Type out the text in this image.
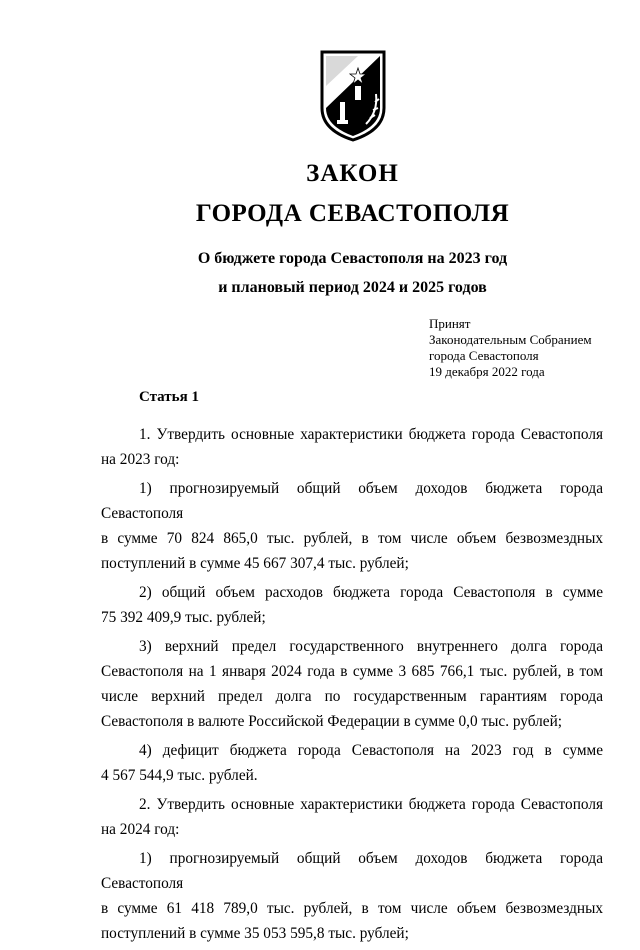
ЗАКОН
ГОРОДА СЕВАСТОПОЛЯ
О бюджете города Севастополя на 2023 год
и плановый период 2024 и 2025 годов
Принят
Законодательным Собранием
города Севастополя
19 декабря 2022 года
Статья 1

1. Утвердить основные характеристики бюджета города Севастополя
на 2023 год:

1) прогнозируемый общий объем доходов бюджета города Севастополя
в сумме 70 824 865,0 тыс. рублей, в том числе объем безвозмездных
поступлений в сумме 45 667 307,4 тыс. рублей;

2) общий объем расходов бюджета города Севастополя в сумме
75 392 409,9 тыс. рублей;

3) верхний предел государственного внутреннего долга города
Севастополя на 1 января 2024 года в сумме 3 685 766,1 тыс. рублей, в том
числе верхний предел долга по государственным гарантиям города
Севастополя в валюте Российской Федерации в сумме 0,0 тыс. рублей;

4) дефицит бюджета города Севастополя на 2023 год в сумме
4 567 544,9 тыс. рублей.

2. Утвердить основные характеристики бюджета города Севастополя
на 2024 год:

1) прогнозируемый общий объем доходов бюджета города Севастополя
в сумме 61 418 789,0 тыс. рублей, в том числе объем безвозмездных
поступлений в сумме 35 053 595,8 тыс. рублей;
